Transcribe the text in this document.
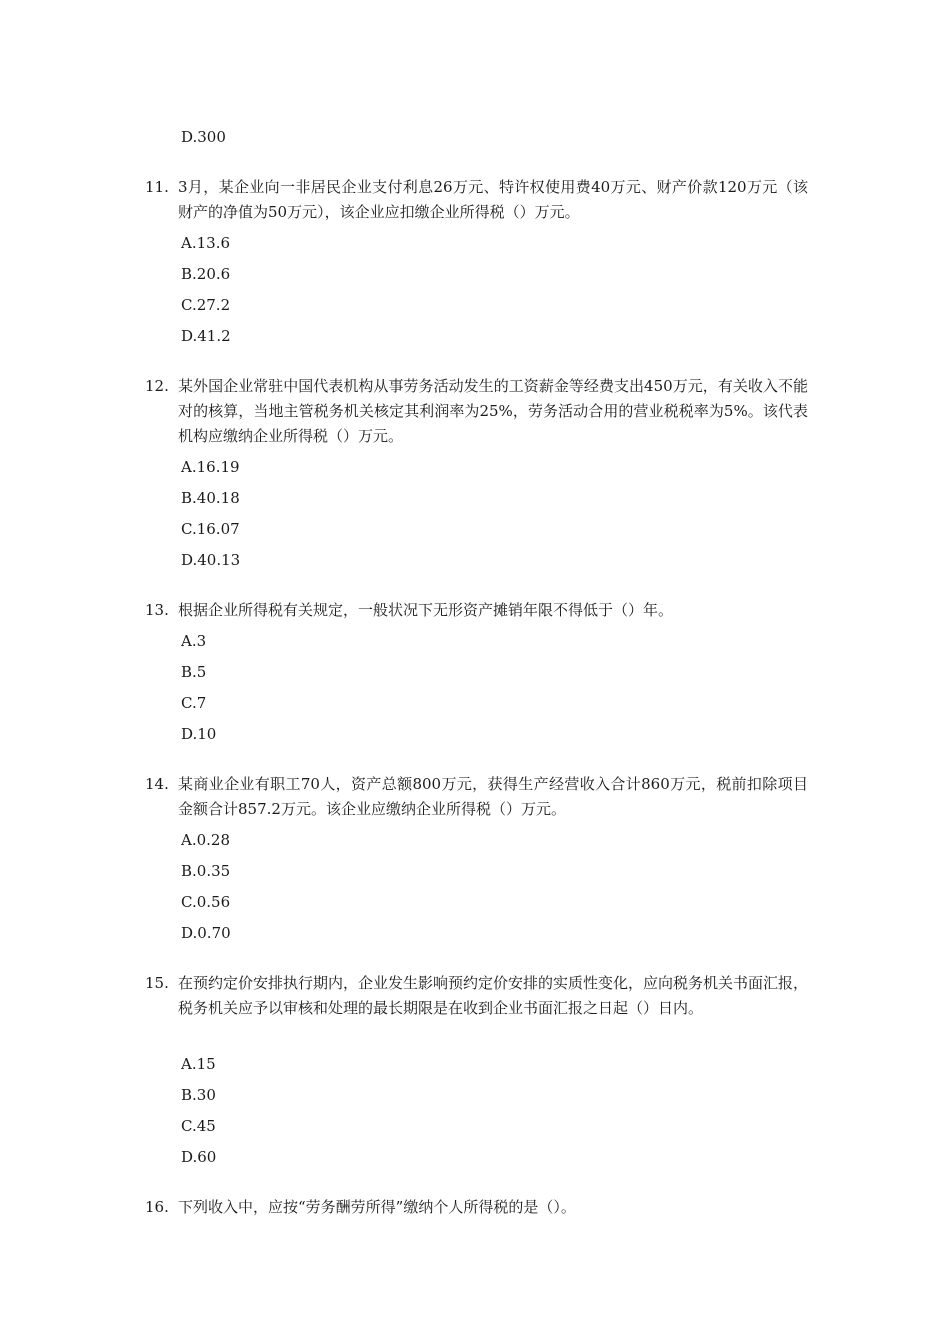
D.300
11. 3月，某企业向一非居民企业支付利息26万元、特许权使用费40万元、财产价款120万元（该财产的净值为50万元），该企业应扣缴企业所得税（）万元。
A.13.6
B.20.6
C.27.2
D.41.2
12. 某外国企业常驻中国代表机构从事劳务活动发生的工资薪金等经费支出450万元，有关收入不能对的核算，当地主管税务机关核定其利润率为25%，劳务活动合用的营业税税率为5%。该代表机构应缴纳企业所得税（）万元。
A.16.19
B.40.18
C.16.07
D.40.13
13. 根据企业所得税有关规定，一般状况下无形资产摊销年限不得低于（）年。
A.3
B.5
C.7
D.10
14. 某商业企业有职工70人，资产总额800万元，获得生产经营收入合计860万元，税前扣除项目金额合计857.2万元。该企业应缴纳企业所得税（）万元。
A.0.28
B.0.35
C.0.56
D.0.70
15. 在预约定价安排执行期内，企业发生影响预约定价安排的实质性变化，应向税务机关书面汇报，税务机关应予以审核和处理的最长期限是在收到企业书面汇报之日起（）日内。
A.15
B.30
C.45
D.60
16. 下列收入中，应按“劳务酬劳所得”缴纳个人所得税的是（）。
